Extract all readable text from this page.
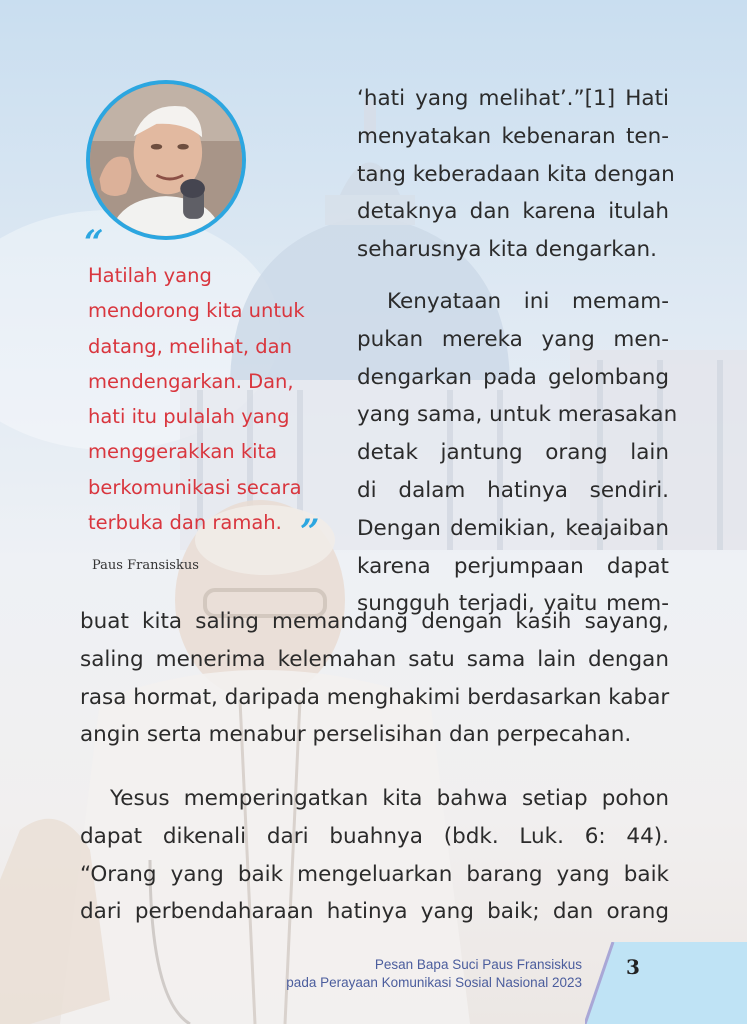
“
Hatilah yang
mendorong kita untuk
datang, melihat, dan
mendengarkan. Dan,
hati itu pulalah yang
menggerakkan kita
berkomunikasi secara
terbuka dan ramah. ”
Paus Fransiskus
‘hati yang melihat’.”[1] Hati
menyatakan kebenaran ten-
tang keberadaan kita dengan
detaknya dan karena itulah
seharusnya kita dengarkan.
Kenyataan ini memam-
pukan mereka yang men-
dengarkan pada gelombang
yang sama, untuk merasakan
detak jantung orang lain
di dalam hatinya sendiri.
Dengan demikian, keajaiban
karena perjumpaan dapat
sungguh terjadi, yaitu mem-
buat kita saling memandang dengan kasih sayang,
saling menerima kelemahan satu sama lain dengan
rasa hormat, daripada menghakimi berdasarkan kabar
angin serta menabur perselisihan dan perpecahan.
Yesus memperingatkan kita bahwa setiap pohon
dapat dikenali dari buahnya (bdk. Luk. 6: 44).
“Orang yang baik mengeluarkan barang yang baik
dari perbendaharaan hatinya yang baik; dan orang
Pesan Bapa Suci Paus Fransiskus
pada Perayaan Komunikasi Sosial Nasional 2023
3
